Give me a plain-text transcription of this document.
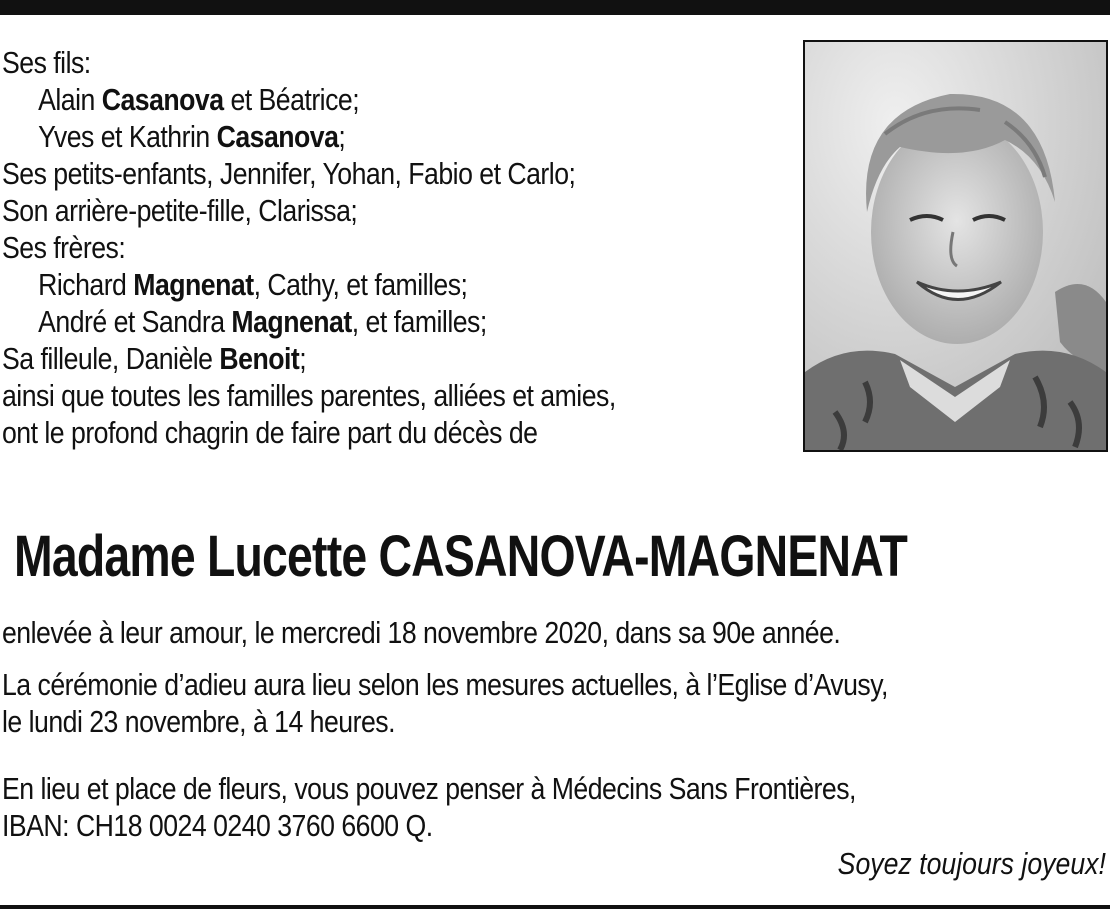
Ses fils:
Alain Casanova et Béatrice;
Yves et Kathrin Casanova;
Ses petits-enfants, Jennifer, Yohan, Fabio et Carlo;
Son arrière-petite-fille, Clarissa;
Ses frères:
Richard Magnenat, Cathy, et familles;
André et Sandra Magnenat, et familles;
Sa filleule, Danièle Benoit;
ainsi que toutes les familles parentes, alliées et amies,
ont le profond chagrin de faire part du décès de
Madame Lucette CASANOVA-MAGNENAT
enlevée à leur amour, le mercredi 18 novembre 2020, dans sa 90e année.
La cérémonie d’adieu aura lieu selon les mesures actuelles, à l’Eglise d’Avusy,
le lundi 23 novembre, à 14 heures.
En lieu et place de fleurs, vous pouvez penser à Médecins Sans Frontières,
IBAN: CH18 0024 0240 3760 6600 Q.
Soyez toujours joyeux!
